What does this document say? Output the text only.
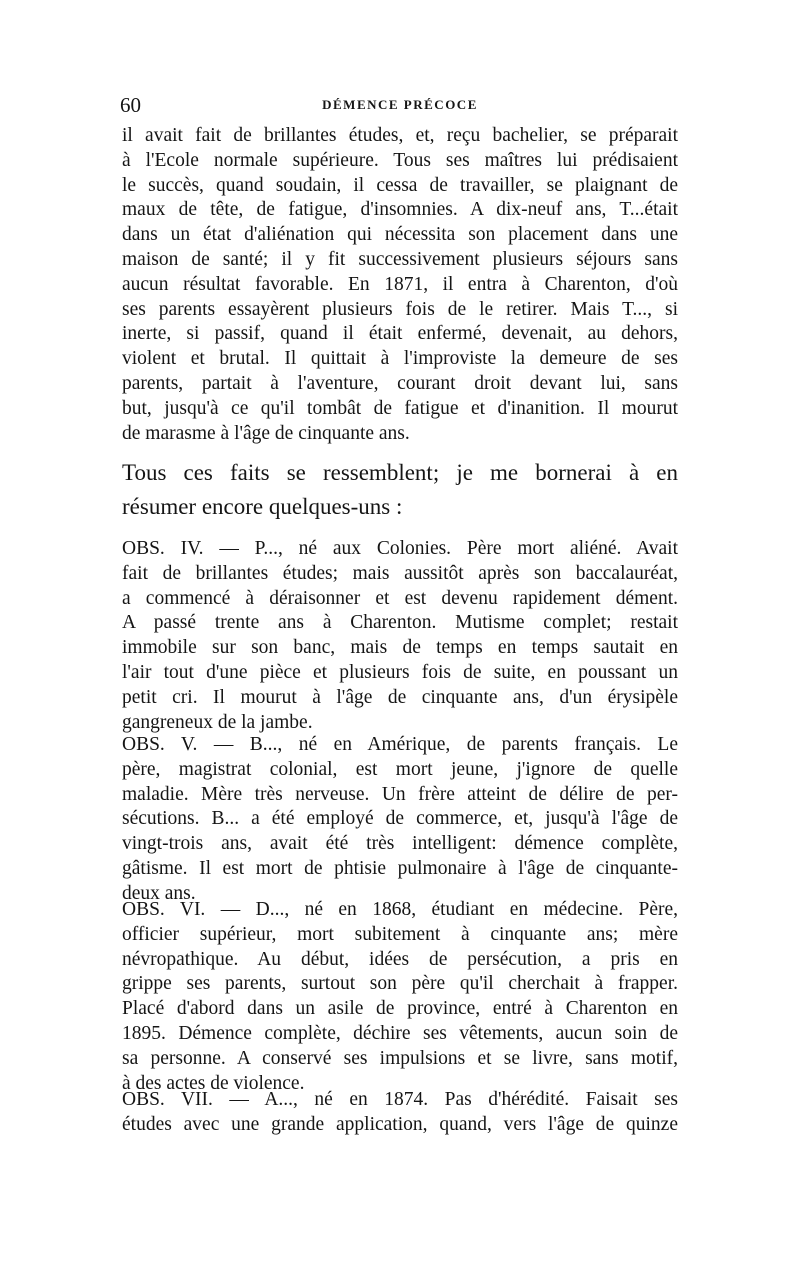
60	DÉMENCE PRÉCOCE
il avait fait de brillantes études, et, reçu bachelier, se préparait
à l'Ecole normale supérieure. Tous ses maîtres lui prédisaient
le succès, quand soudain, il cessa de travailler, se plaignant de
maux de tête, de fatigue, d'insomnies. A dix-neuf ans, T...était
dans un état d'aliénation qui nécessita son placement dans une
maison de santé; il y fit successivement plusieurs séjours sans
aucun résultat favorable. En 1871, il entra à Charenton, d'où
ses parents essayèrent plusieurs fois de le retirer. Mais T..., si
inerte, si passif, quand il était enfermé, devenait, au dehors,
violent et brutal. Il quittait à l'improviste la demeure de ses
parents, partait à l'aventure, courant droit devant lui, sans
but, jusqu'à ce qu'il tombât de fatigue et d'inanition. Il mourut
de marasme à l'âge de cinquante ans.
Tous ces faits se ressemblent; je me bornerai à en
résumer encore quelques-uns :
OBS. IV. — P..., né aux Colonies. Père mort aliéné. Avait
fait de brillantes études; mais aussitôt après son baccalauréat,
a commencé à déraisonner et est devenu rapidement dément.
A passé trente ans à Charenton. Mutisme complet; restait
immobile sur son banc, mais de temps en temps sautait en
l'air tout d'une pièce et plusieurs fois de suite, en poussant un
petit cri. Il mourut à l'âge de cinquante ans, d'un érysipèle
gangreneux de la jambe.
OBS. V. — B..., né en Amérique, de parents français. Le
père, magistrat colonial, est mort jeune, j'ignore de quelle
maladie. Mère très nerveuse. Un frère atteint de délire de per-
sécutions. B... a été employé de commerce, et, jusqu'à l'âge de
vingt-trois ans, avait été très intelligent: démence complète,
gâtisme. Il est mort de phtisie pulmonaire à l'âge de cinquante-
deux ans.
OBS. VI. — D..., né en 1868, étudiant en médecine. Père,
officier supérieur, mort subitement à cinquante ans; mère
névropathique. Au début, idées de persécution, a pris en
grippe ses parents, surtout son père qu'il cherchait à frapper.
Placé d'abord dans un asile de province, entré à Charenton en
1895. Démence complète, déchire ses vêtements, aucun soin de
sa personne. A conservé ses impulsions et se livre, sans motif,
à des actes de violence.
OBS. VII. — A..., né en 1874. Pas d'hérédité. Faisait ses
études avec une grande application, quand, vers l'âge de quinze
